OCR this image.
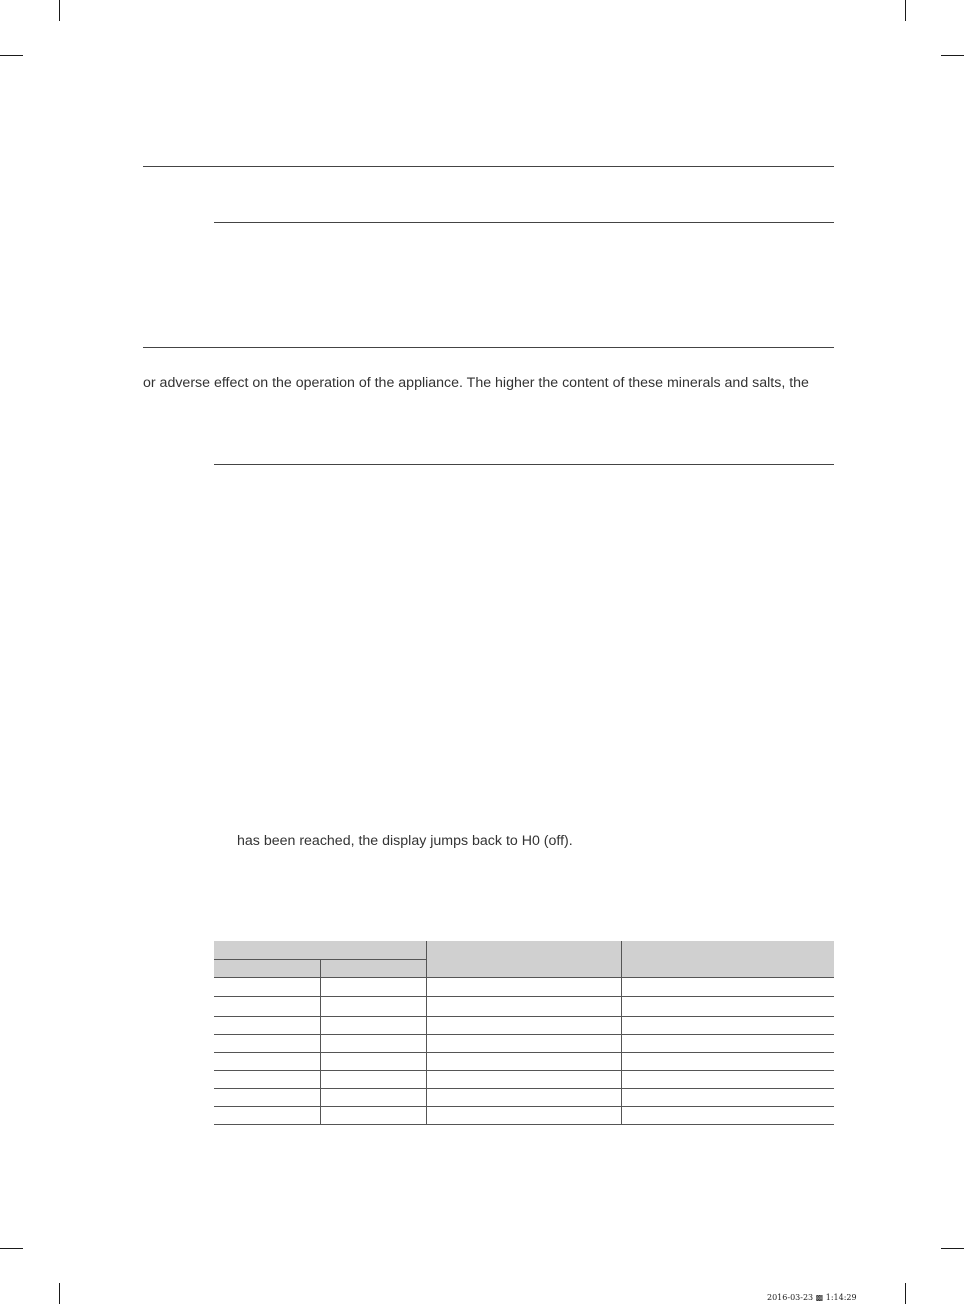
or adverse effect on the operation of the appliance. The higher the content of these minerals and salts, the
has been reached, the display jumps back to H0 (off).

2016-03-23 ▩ 1:14:29
